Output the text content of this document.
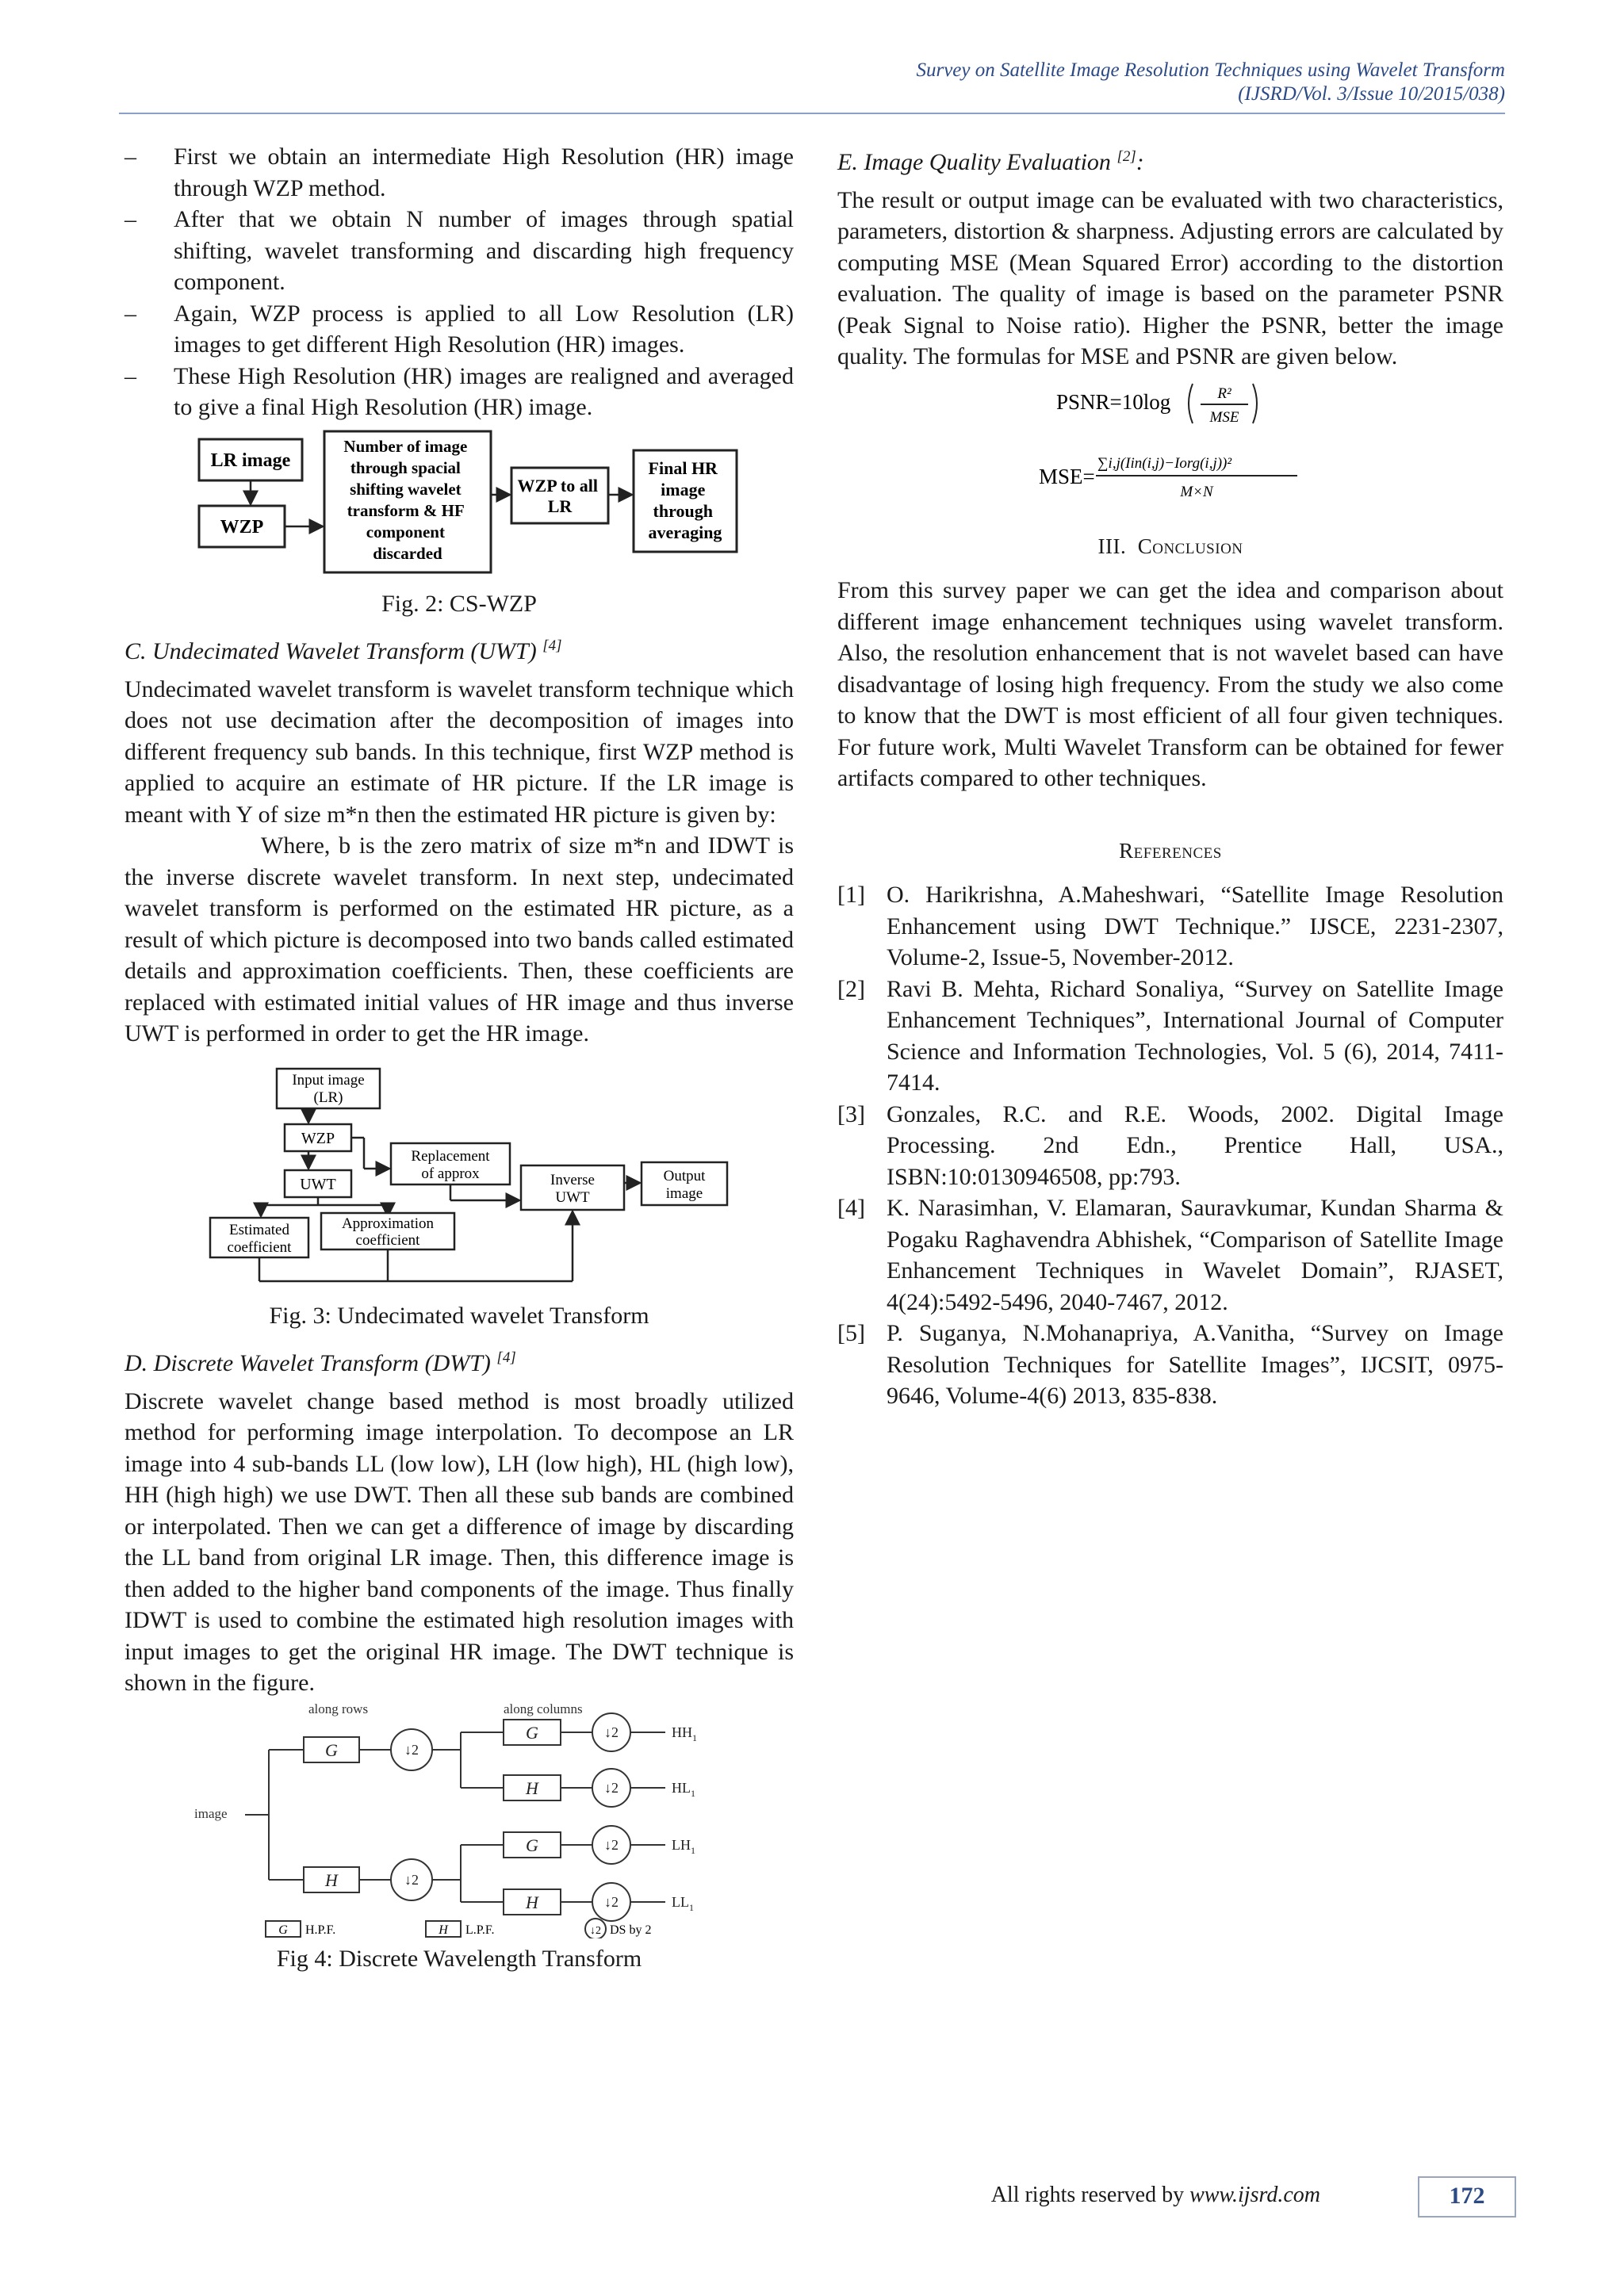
Survey on Satellite Image Resolution Techniques using Wavelet Transform
(IJSRD/Vol. 3/Issue 10/2015/038)
–	First we obtain an intermediate High Resolution (HR) image through WZP method.
–	After that we obtain N number of images through spatial shifting, wavelet transforming and discarding high frequency component.
–	Again, WZP process is applied to all Low Resolution (LR) images to get different High Resolution (HR) images.
–	These High Resolution (HR) images are realigned and averaged to give a final High Resolution (HR) image.
LR image
WZP
Number of image through spacial shifting wavelet transform & HF component discarded
WZP to all LR
Final HR image through averaging

Fig. 2: CS-WZP

C. Undecimated Wavelet Transform (UWT) [4]

Undecimated wavelet transform is wavelet transform technique which does not use decimation after the decomposition of images into different frequency sub bands. In this technique, first WZP method is applied to acquire an estimate of HR picture. If the LR image is meant with Y of size m*n then the estimated HR picture is given by:

Where, b is the zero matrix of size m*n and IDWT is the inverse discrete wavelet transform. In next step, undecimated wavelet transform is performed on the estimated HR picture, as a result of which picture is decomposed into two bands called estimated details and approximation coefficients. Then, these coefficients are replaced with estimated initial values of HR image and thus inverse UWT is performed in order to get the HR image.

Input image (LR)
WZP
Replacement of approx
UWT
Estimated coefficient
Approximation coefficient
Inverse UWT
Output image

Fig. 3: Undecimated wavelet Transform

D. Discrete Wavelet Transform (DWT) [4]

Discrete wavelet change based method is most broadly utilized method for performing image interpolation. To decompose an LR image into 4 sub-bands LL (low low), LH (low high), HL (high low), HH (high high) we use DWT. Then all these sub bands are combined or interpolated. Then we can get a difference of image by discarding the LL band from original LR image. Then, this difference image is then added to the higher band components of the image. Thus finally IDWT is used to combine the estimated high resolution images with input images to get the original HR image. The DWT technique is shown in the figure.

along rows	along columns
image
G
H
G
H
G
H
↓2
↓2
↓2
↓2
↓2
↓2
$HH_1$
$HL_1$
$LH_1$
$LL_1$
G H.P.F.	H L.P.F.	↓2 DS by 2

Fig 4: Discrete Wavelength Transform

E. Image Quality Evaluation [2]:

The result or output image can be evaluated with two characteristics, parameters, distortion & sharpness. Adjusting errors are calculated by computing MSE (Mean Squared Error) according to the distortion evaluation. The quality of image is based on the parameter PSNR (Peak Signal to Noise ratio). Higher the PSNR, better the image quality. The formulas for MSE and PSNR are given below.

PSNR=10log	R²
MSE
MSE=
∑i,j(Iin(i,j)−Iorg(i,j))²
M×N

III. Conclusion

From this survey paper we can get the idea and comparison about different image enhancement techniques using wavelet transform. Also, the resolution enhancement that is not wavelet based can have disadvantage of losing high frequency. From the study we also come to know that the DWT is most efficient of all four given techniques. For future work, Multi Wavelet Transform can be obtained for fewer artifacts compared to other techniques.

References

[1] O. Harikrishna, A.Maheshwari, “Satellite Image Resolution Enhancement using DWT Technique.” IJSCE, 2231-2307, Volume-2, Issue-5, November-2012.
[2] Ravi B. Mehta, Richard Sonaliya, “Survey on Satellite Image Enhancement Techniques”, International Journal of Computer Science and Information Technologies, Vol. 5 (6), 2014, 7411-7414.
[3] Gonzales, R.C. and R.E. Woods, 2002. Digital Image Processing. 2nd Edn., Prentice Hall, USA., ISBN:10:0130946508, pp:793.
[4] K. Narasimhan, V. Elamaran, Sauravkumar, Kundan Sharma & Pogaku Raghavendra Abhishek, “Comparison of Satellite Image Enhancement Techniques in Wavelet Domain”, RJASET, 4(24):5492-5496, 2040-7467, 2012.
[5] P. Suganya, N.Mohanapriya, A.Vanitha, “Survey on Image Resolution Techniques for Satellite Images”, IJCSIT, 0975-9646, Volume-4(6) 2013, 835-838.
All rights reserved by www.ijsrd.com	172
